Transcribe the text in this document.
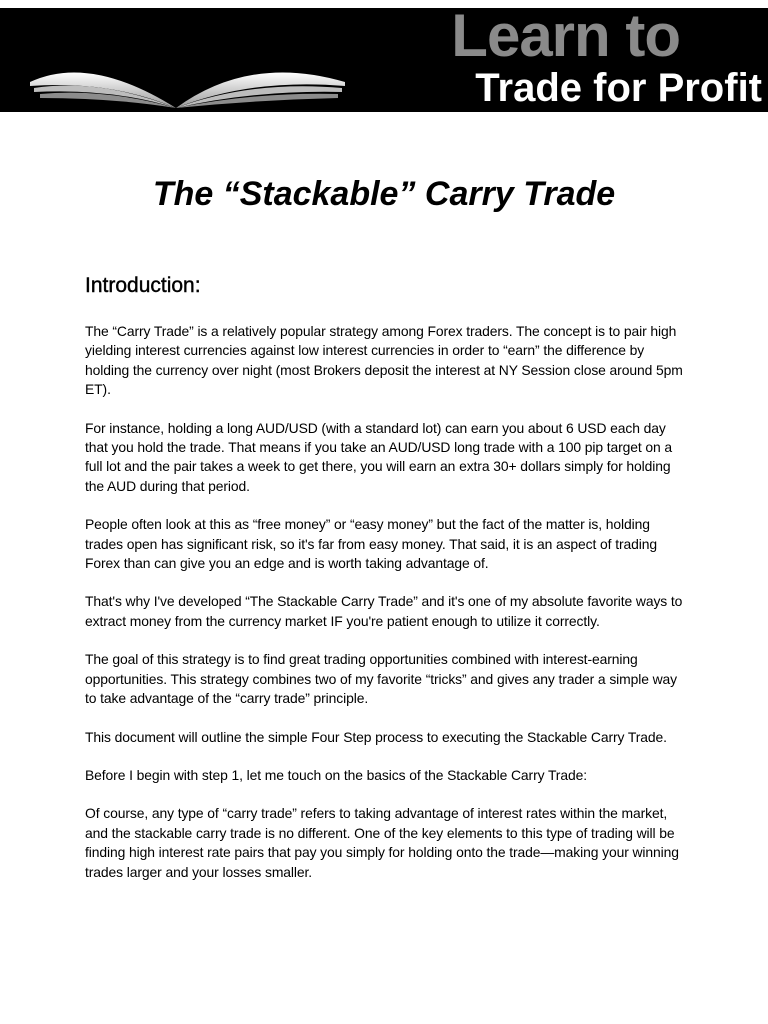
Learn to
Trade for Profit
The “Stackable” Carry Trade
Introduction:

The “Carry Trade” is a relatively popular strategy among Forex traders. The concept is to pair high yielding interest currencies against low interest currencies in order to “earn” the difference by holding the currency over night (most Brokers deposit the interest at NY Session close around 5pm ET).

For instance, holding a long AUD/USD (with a standard lot) can earn you about 6 USD each day that you hold the trade. That means if you take an AUD/USD long trade with a 100 pip target on a full lot and the pair takes a week to get there, you will earn an extra 30+ dollars simply for holding the AUD during that period.

People often look at this as “free money” or “easy money” but the fact of the matter is, holding trades open has significant risk, so it's far from easy money. That said, it is an aspect of trading Forex than can give you an edge and is worth taking advantage of.

That's why I've developed “The Stackable Carry Trade” and it's one of my absolute favorite ways to extract money from the currency market IF you're patient enough to utilize it correctly.

The goal of this strategy is to find great trading opportunities combined with interest-earning opportunities. This strategy combines two of my favorite “tricks” and gives any trader a simple way to take advantage of the “carry trade” principle.

This document will outline the simple Four Step process to executing the Stackable Carry Trade.

Before I begin with step 1, let me touch on the basics of the Stackable Carry Trade:

Of course, any type of “carry trade” refers to taking advantage of interest rates within the market, and the stackable carry trade is no different. One of the key elements to this type of trading will be finding high interest rate pairs that pay you simply for holding onto the trade—making your winning trades larger and your losses smaller.
